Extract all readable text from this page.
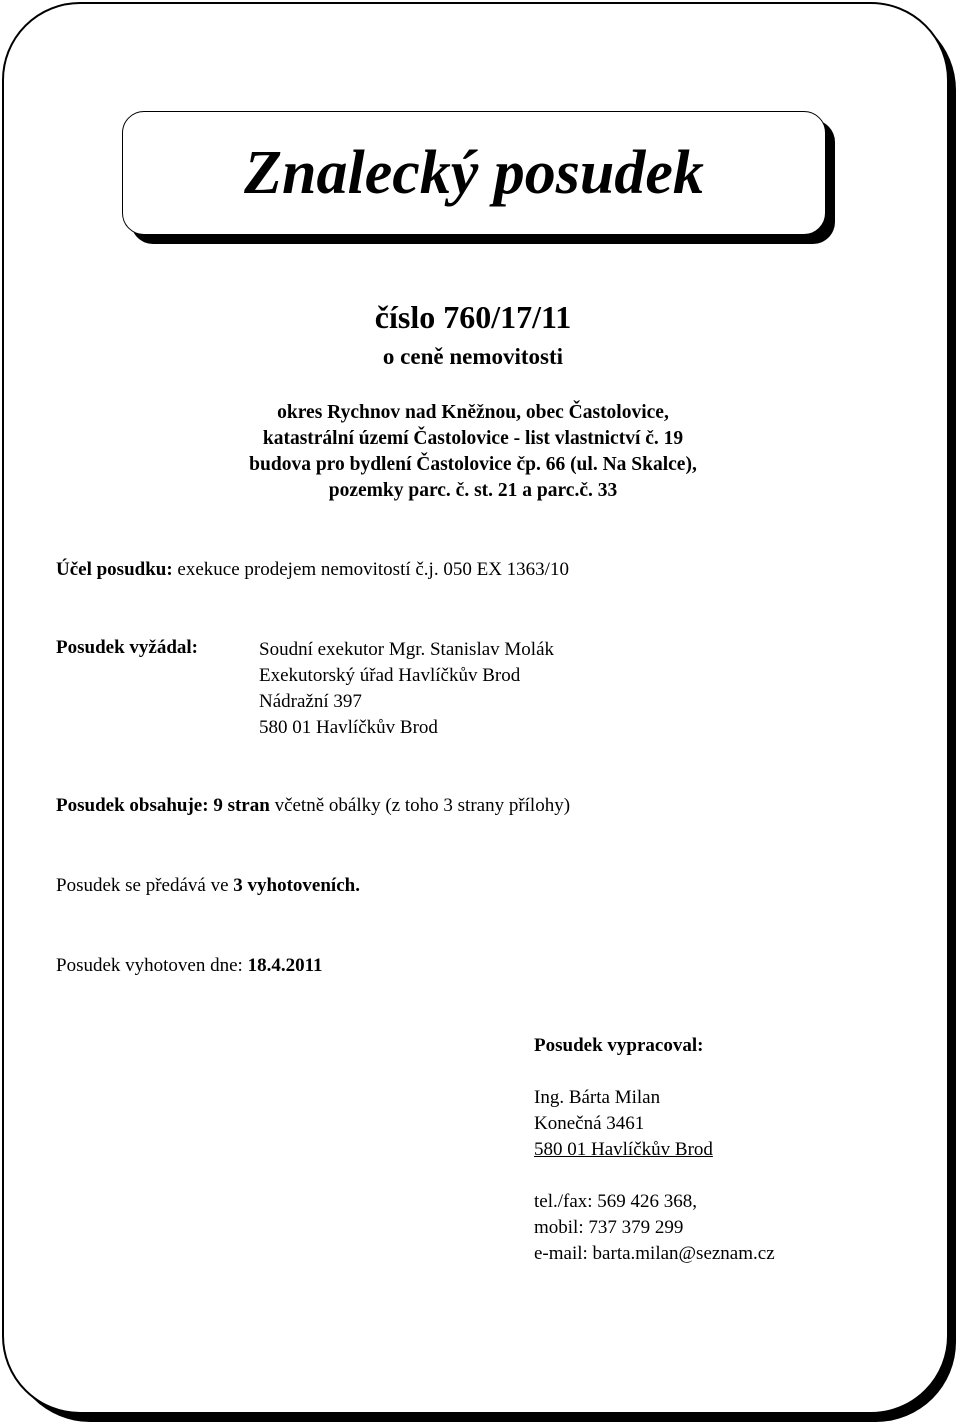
Znalecký posudek
číslo 760/17/11
o ceně nemovitosti
okres Rychnov nad Kněžnou, obec Častolovice,
katastrální území Častolovice - list vlastnictví č. 19
budova pro bydlení Častolovice čp. 66 (ul. Na Skalce),
pozemky parc. č. st. 21 a parc.č. 33
Účel posudku: exekuce prodejem nemovitostí č.j. 050 EX 1363/10
Posudek vyžádal:	Soudní exekutor Mgr. Stanislav Molák
Exekutorský úřad Havlíčkův Brod
Nádražní 397
580 01 Havlíčkův Brod
Posudek obsahuje: 9 stran včetně obálky (z toho 3 strany přílohy)
Posudek se předává ve 3 vyhotoveních.
Posudek vyhotoven dne: 18.4.2011
Posudek vypracoval:
Ing. Bárta Milan
Konečná 3461
580 01 Havlíčkův Brod
tel./fax: 569 426 368,
mobil: 737 379 299
e-mail: barta.milan@seznam.cz
